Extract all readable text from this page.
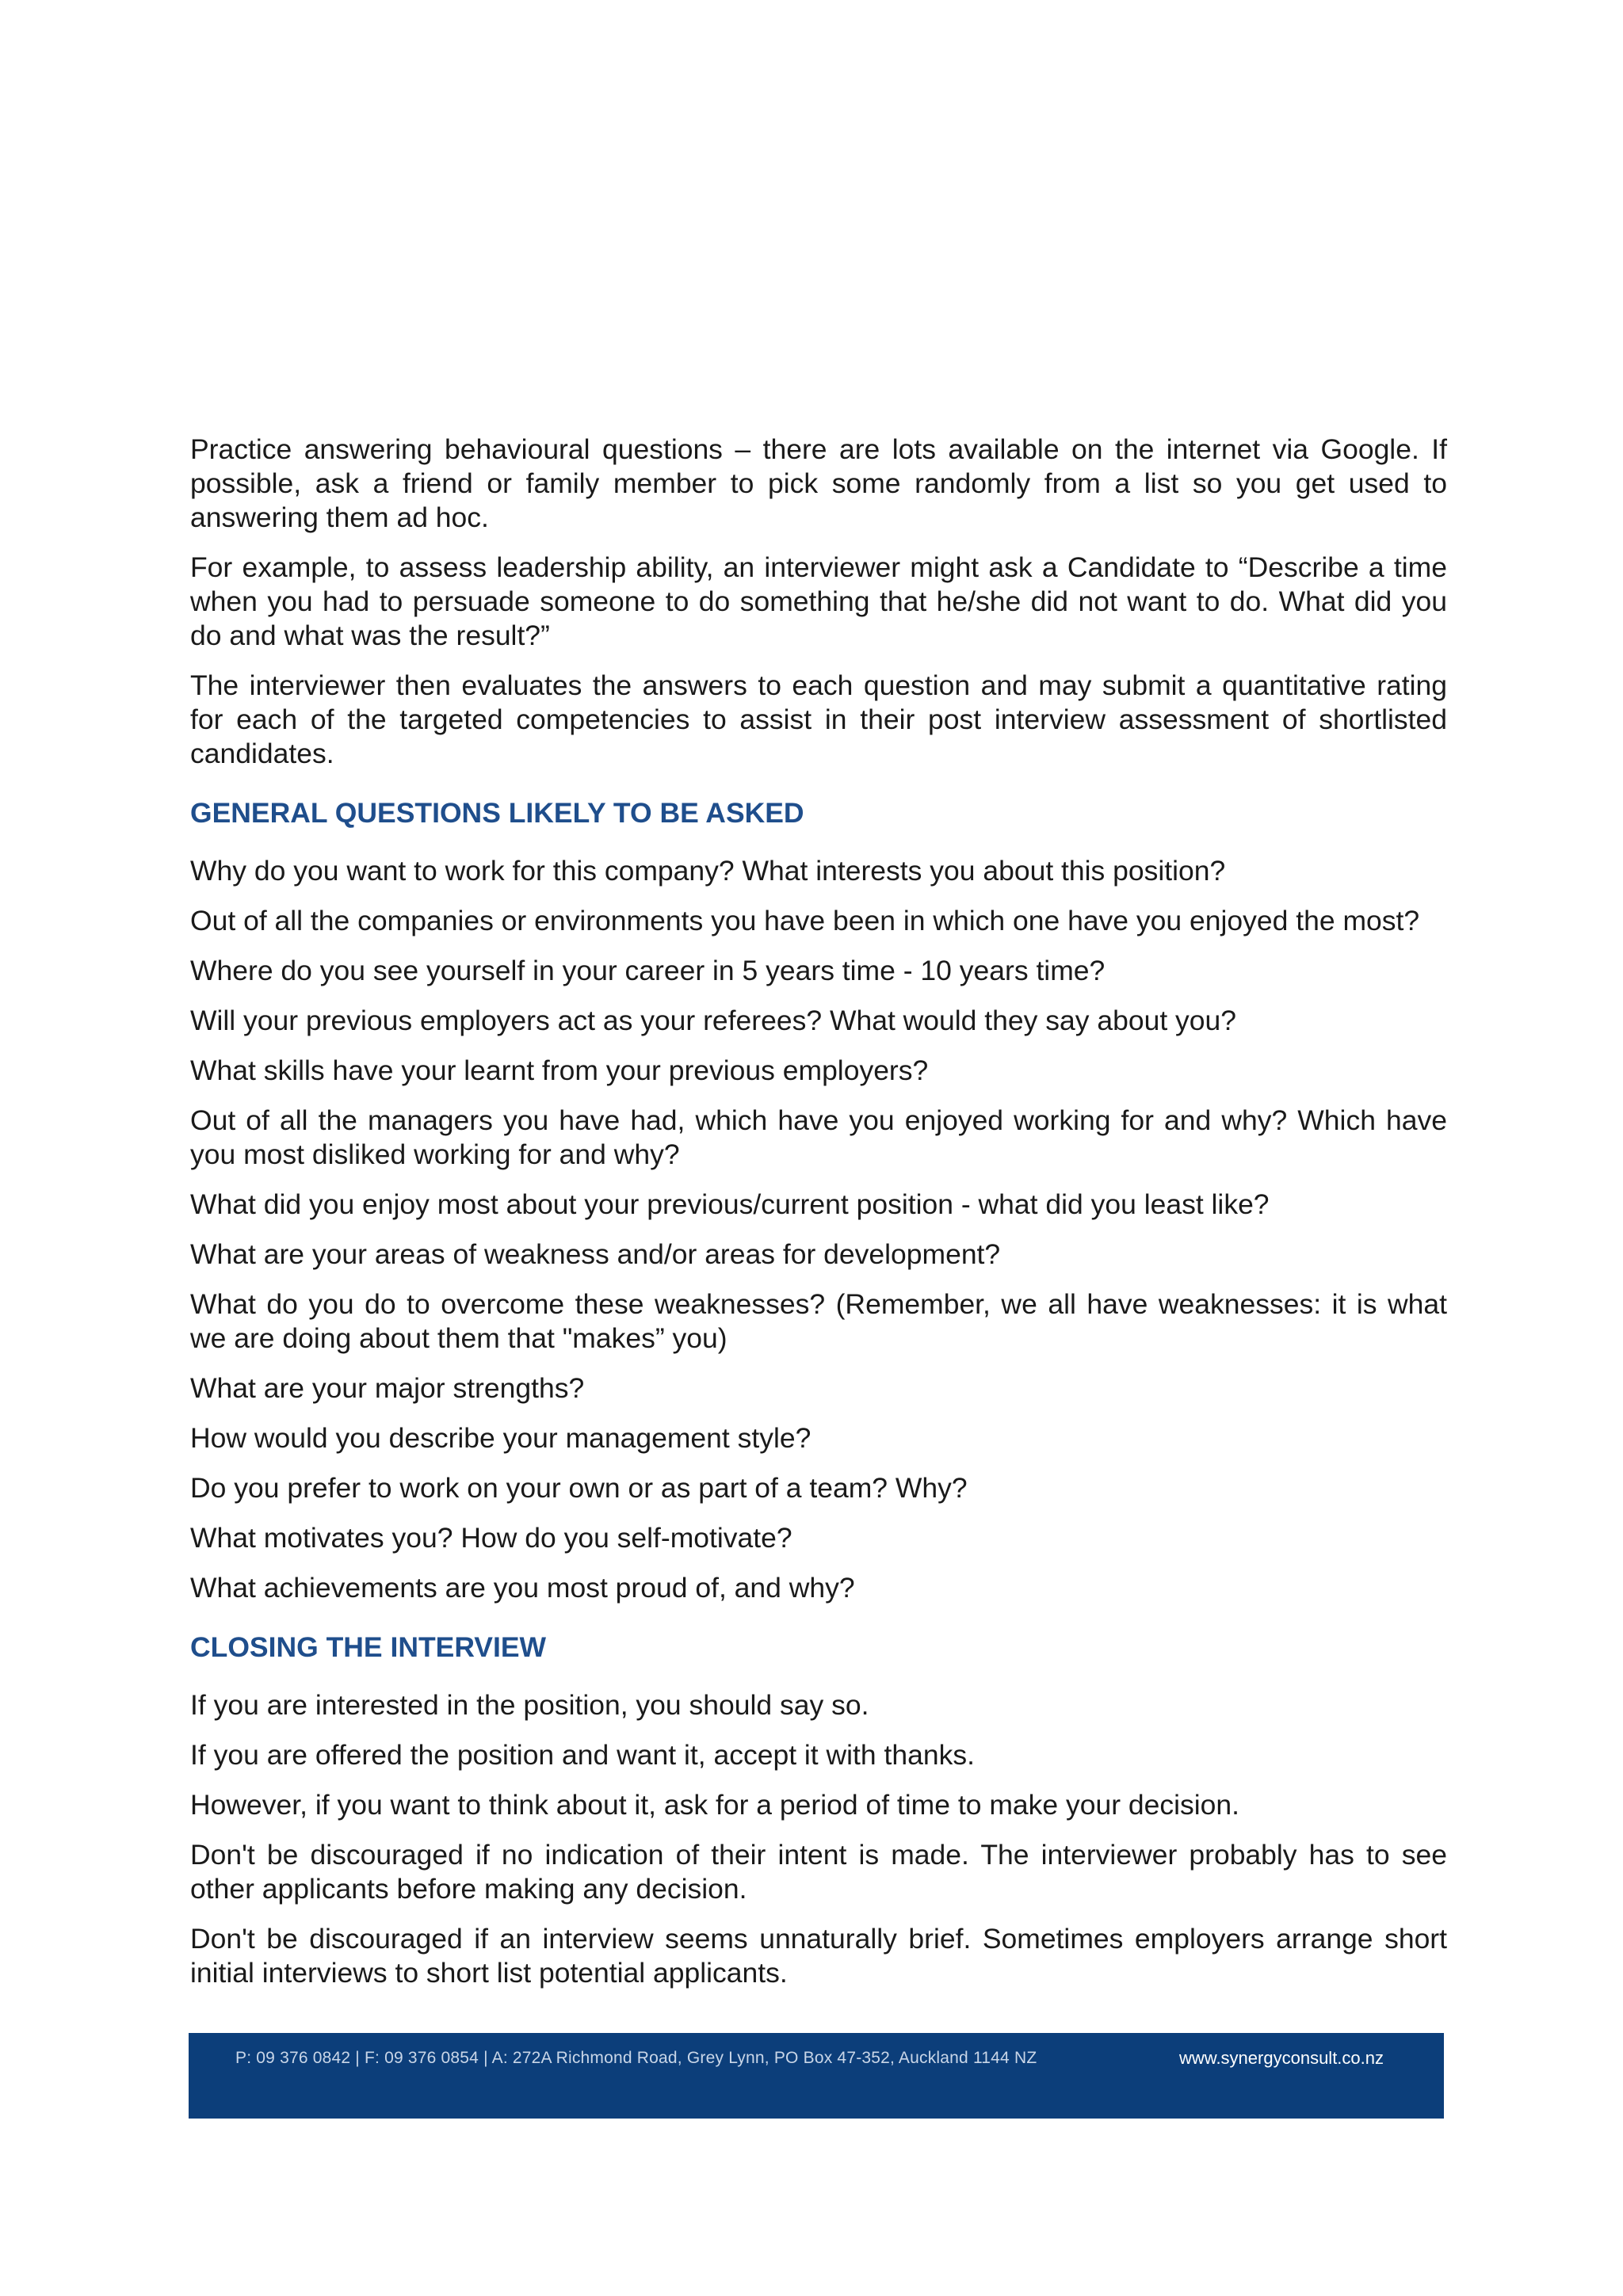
Practice answering behavioural questions – there are lots available on the internet via Google. If possible, ask a friend or family member to pick some randomly from a list so you get used to answering them ad hoc.

For example, to assess leadership ability, an interviewer might ask a Candidate to “Describe a time when you had to persuade someone to do something that he/she did not want to do. What did you do and what was the result?”

The interviewer then evaluates the answers to each question and may submit a quantitative rating for each of the targeted competencies to assist in their post interview assessment of shortlisted candidates.

GENERAL QUESTIONS LIKELY TO BE ASKED

Why do you want to work for this company? What interests you about this position?

Out of all the companies or environments you have been in which one have you enjoyed the most?

Where do you see yourself in your career in 5 years time - 10 years time?

Will your previous employers act as your referees? What would they say about you?

What skills have your learnt from your previous employers?

Out of all the managers you have had, which have you enjoyed working for and why? Which have you most disliked working for and why?

What did you enjoy most about your previous/current position - what did you least like?

What are your areas of weakness and/or areas for development?

What do you do to overcome these weaknesses? (Remember, we all have weaknesses: it is what we are doing about them that "makes” you)

What are your major strengths?

How would you describe your management style?

Do you prefer to work on your own or as part of a team? Why?

What motivates you? How do you self-motivate?

What achievements are you most proud of, and why?

CLOSING THE INTERVIEW

If you are interested in the position, you should say so.

If you are offered the position and want it, accept it with thanks.

However, if you want to think about it, ask for a period of time to make your decision.

Don't be discouraged if no indication of their intent is made. The interviewer probably has to see other applicants before making any decision.

Don't be discouraged if an interview seems unnaturally brief. Sometimes employers arrange short initial interviews to short list potential applicants.

P: 09 376 0842 | F: 09 376 0854 | A: 272A Richmond Road, Grey Lynn, PO Box 47-352, Auckland 1144 NZ	www.synergyconsult.co.nz
